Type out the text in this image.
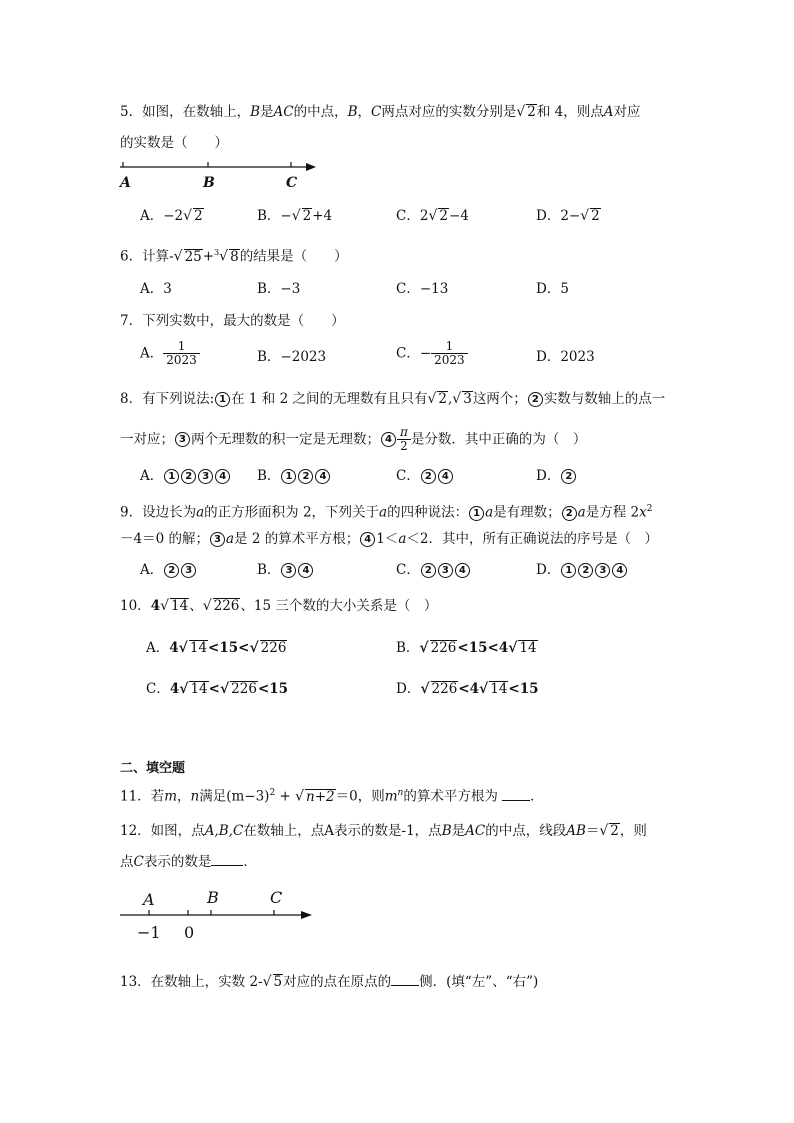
5．如图，在数轴上，B是AC的中点，B，C两点对应的实数分别是√ 2和 4，则点A对应
的实数是（　　）
A	B	C
A．−2√ 2	B．−√ 2+4	C．2√ 2−4	D．2−√ 2
6．计算-√ 25+$^3$√ 8的结果是（　　）
A．3	B．−3	C．−13	D．5
7．下列实数中，最大的数是（　　）
A． $\frac{1}{2023}$	B．−2023	C．− $\frac{1}{2023}$	D．2023
8．有下列说法: 1 在 1 和 2 之间的无理数有且只有√ 2,√ 3这两个； 2 实数与数轴上的点一
一对应； 3 两个无理数的积一定是无理数； $4 \frac{\pi}{2}$ 是分数．其中正确的为（　）
A． 1 2 3 4	B． 1 2 4	C． 2 4	D． 2
9．设边长为a的正方形面积为 2，下列关于a的四种说法： 1 a是有理数； 2 a是方程 $2x^2$
－4＝0 的解； 3 a是 2 的算术平方根； 4 1＜a＜2．其中，所有正确说法的序号是（　）
A． 2 3	B． 3 4	C． 2 3 4	D． 1 2 3 4
10．4√ 14、√ 226、15 三个数的大小关系是（　）
A．4√ 14<15<√ 226	B．√ 226<15<4√ 14
C．4√ 14<√ 226<15	D．√ 226<4√ 14<15
二、填空题
11．若m，n满足$(m-3)^2$ + √ n+2＝0，则$m^n$的算术平方根为 ．
12．如图，点A,B,C在数轴上，点A表示的数是-1，点B是AC的中点，线段AB＝√ 2，则
点C表示的数是 ．
A	B	C
−1 0
13．在数轴上，实数 2-√ 5对应的点在原点的 侧．(填“左”、“右”)
